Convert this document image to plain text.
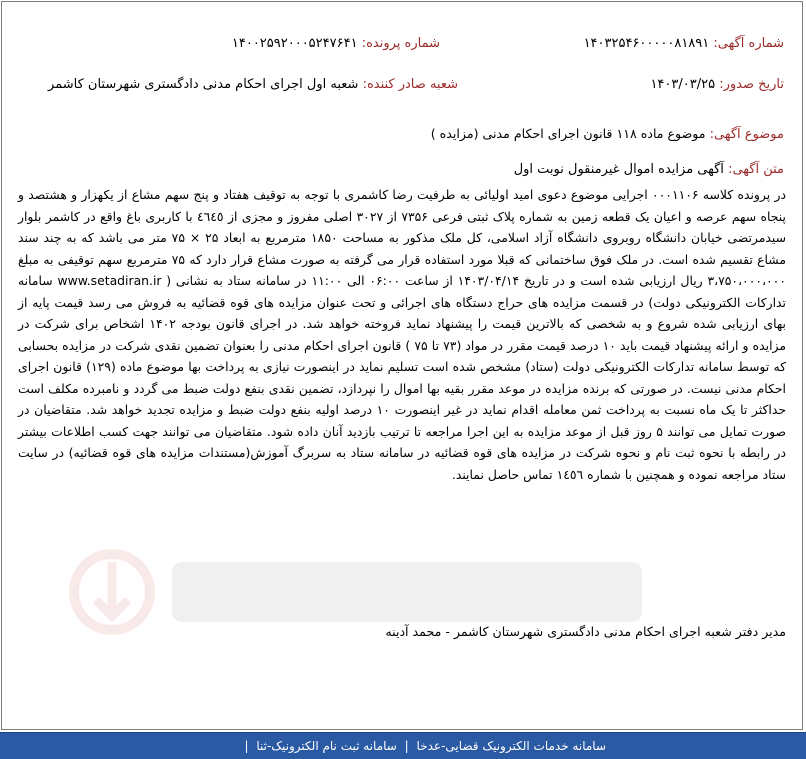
شماره آگهی: ۱۴۰۳۲۵۴۶۰۰۰۰۰۸۱۸۹۱
شماره پرونده: ۱۴۰۰۲۵۹۲۰۰۰۵۲۴۷۶۴۱
تاریخ صدور: ۱۴۰۳/۰۳/۲۵
شعبه صادر کننده: شعبه اول اجرای احکام مدنی دادگستری شهرستان کاشمر
موضوع آگهی: موضوع ماده ۱۱۸ قانون اجرای احکام مدنی (مزایده )
متن آگهی: آگهی مزایده اموال غیرمنقول نوبت اول

در پرونده کلاسه ۰۰۰۱۱۰۶ اجرایی موضوع دعوی امید اولیائی به طرفیت رضا کاشمری با توجه به توقیف هفتاد و پنج سهم مشاع از یکهزار و هشتصد و پنجاه سهم عرصه و اعیان یک قطعه زمین به شماره پلاک ثبتی فرعی ۷۳۵۶ از ۳۰۲۷ اصلی مفروز و مجزی از ٤٦٤٥ با کاربری باغ واقع در کاشمر بلوار سیدمرتضی خیابان دانشگاه روبروی دانشگاه آزاد اسلامی، کل ملک مذکور به مساحت ۱۸۵۰ مترمربع به ابعاد ۲۵ × ۷۵ متر می باشد که به چند سند مشاع تقسیم شده است. در ملک فوق ساختمانی که قبلا مورد استفاده قرار می گرفته به صورت مشاع قرار دارد که ۷۵ مترمربع سهم توقیفی به مبلغ ۳،۷۵۰،۰۰۰،۰۰۰ ریال ارزیابی شده است و در تاریخ ۱۴۰۳/۰۴/۱۴ از ساعت ۰۶:۰۰ الی ۱۱:۰۰ در سامانه ستاد به نشانی ( www.setadiran.ir سامانه تدارکات الکترونیکی دولت) در قسمت مزایده های حراج دستگاه های اجرائی و تحت عنوان مزایده های قوه قضائیه به فروش می رسد قیمت پایه از بهای ارزیابی شده شروع و به شخصی که بالاترین قیمت را پیشنهاد نماید فروخته خواهد شد. در اجرای قانون بودجه ۱۴۰۲ اشخاص برای شرکت در مزایده و ارائه پیشنهاد قیمت باید ۱۰ درصد قیمت مقرر در مواد (۷۳ تا ۷۵ ) قانون اجرای احکام مدنی را بعنوان تضمین نقدی شرکت در مزایده بحسابی که توسط سامانه تدارکات الکترونیکی دولت (ستاد) مشخص شده است تسلیم نماید در اینصورت نیازی به پرداخت بها موضوع ماده (۱۲۹) قانون اجرای احکام مدنی نیست. در صورتی که برنده مزایده در موعد مقرر بقیه بها اموال را نپردازد، تضمین نقدی بنفع دولت ضبط می گردد و نامبرده مکلف است حداکثر تا یک ماه نسبت به پرداخت ثمن معامله اقدام نماید در غیر اینصورت ۱۰ درصد اولیه بنفع دولت ضبط و مزایده تجدید خواهد شد. متقاضیان در صورت تمایل می توانند ۵ روز قبل از موعد مزایده به این اجرا مراجعه تا ترتیب بازدید آنان داده شود. متقاضیان می توانند جهت کسب اطلاعات بیشتر در رابطه با نحوه ثبت نام و نحوه شرکت در مزایده های قوه قضائیه در سامانه ستاد به سربرگ آموزش(مستندات مزایده های قوه قضائیه) در سایت ستاد مراجعه نموده و همچنین با شماره ۱٤٥٦ تماس حاصل نمایند.

مدیر دفتر شعبه اجرای احکام مدنی دادگستری شهرستان کاشمر - محمد آدینه
سامانه خدمات الکترونیک قضایی-عدخا | سامانه ثبت نام الکترونیک-ثنا |
